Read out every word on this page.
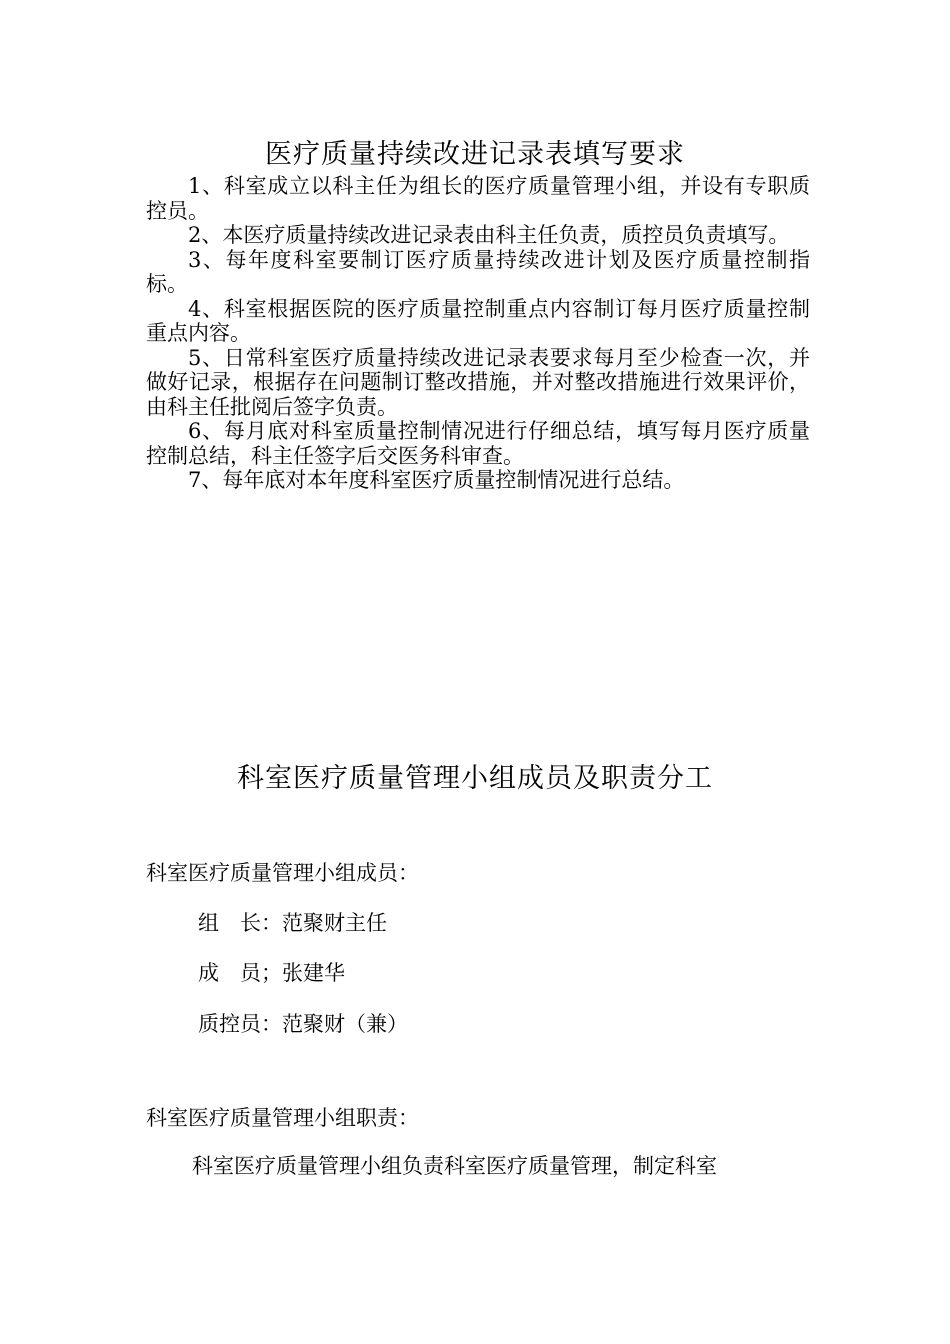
医疗质量持续改进记录表填写要求
1、科室成立以科主任为组长的医疗质量管理小组，并设有专职质控员。
2、本医疗质量持续改进记录表由科主任负责，质控员负责填写。
3、每年度科室要制订医疗质量持续改进计划及医疗质量控制指标。
4、科室根据医院的医疗质量控制重点内容制订每月医疗质量控制重点内容。
5、日常科室医疗质量持续改进记录表要求每月至少检查一次，并做好记录，根据存在问题制订整改措施，并对整改措施进行效果评价，由科主任批阅后签字负责。
6、每月底对科室质量控制情况进行仔细总结，填写每月医疗质量控制总结，科主任签字后交医务科审查。
7、每年底对本年度科室医疗质量控制情况进行总结。
科室医疗质量管理小组成员及职责分工

科室医疗质量管理小组成员：

组　长：范聚财主任

成　员；张建华

质控员：范聚财（兼）

科室医疗质量管理小组职责：

科室医疗质量管理小组负责科室医疗质量管理，制定科室
